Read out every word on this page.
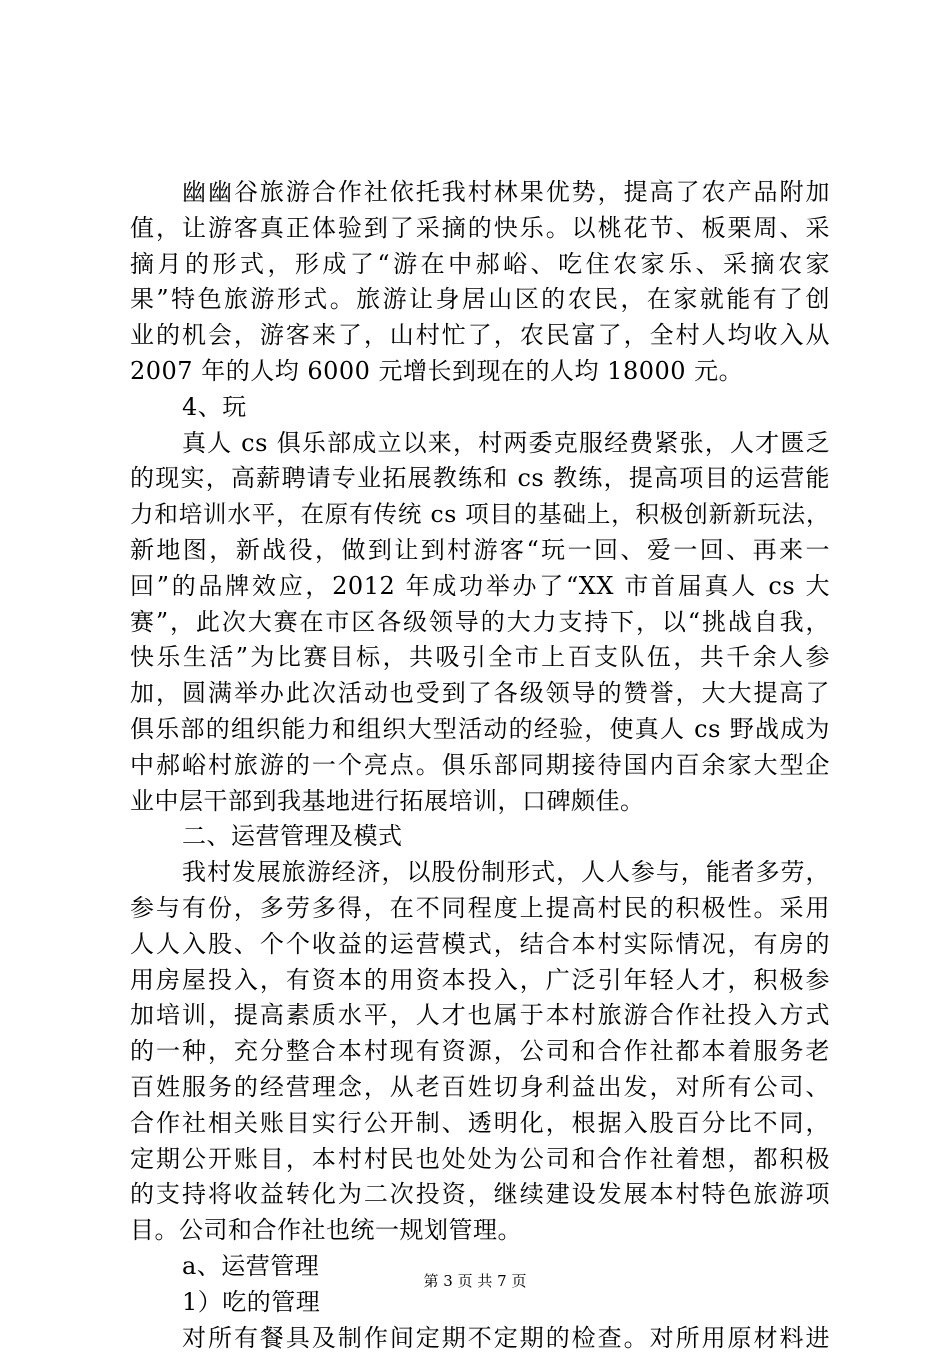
幽幽谷旅游合作社依托我村林果优势，提高了农产品附加
值，让游客真正体验到了采摘的快乐。以桃花节、板栗周、采
摘月的形式，形成了“游在中郝峪、吃住农家乐、采摘农家
果”特色旅游形式。旅游让身居山区的农民，在家就能有了创
业的机会，游客来了，山村忙了，农民富了，全村人均收入从
2007 年的人均 6000 元增长到现在的人均 18000 元。
4、玩
真人 cs 俱乐部成立以来，村两委克服经费紧张，人才匮乏
的现实，高薪聘请专业拓展教练和 cs 教练，提高项目的运营能
力和培训水平，在原有传统 cs 项目的基础上，积极创新新玩法，
新地图，新战役，做到让到村游客“玩一回、爱一回、再来一
回”的品牌效应，2012 年成功举办了“XX 市首届真人 cs 大
赛”，此次大赛在市区各级领导的大力支持下，以“挑战自我，
快乐生活”为比赛目标，共吸引全市上百支队伍，共千余人参
加，圆满举办此次活动也受到了各级领导的赞誉，大大提高了
俱乐部的组织能力和组织大型活动的经验，使真人 cs 野战成为
中郝峪村旅游的一个亮点。俱乐部同期接待国内百余家大型企
业中层干部到我基地进行拓展培训，口碑颇佳。
二、运营管理及模式
我村发展旅游经济，以股份制形式，人人参与，能者多劳，
参与有份，多劳多得，在不同程度上提高村民的积极性。采用
人人入股、个个收益的运营模式，结合本村实际情况，有房的
用房屋投入，有资本的用资本投入，广泛引年轻人才，积极参
加培训，提高素质水平，人才也属于本村旅游合作社投入方式
的一种，充分整合本村现有资源，公司和合作社都本着服务老
百姓服务的经营理念，从老百姓切身利益出发，对所有公司、
合作社相关账目实行公开制、透明化，根据入股百分比不同，
定期公开账目，本村村民也处处为公司和合作社着想，都积极
的支持将收益转化为二次投资，继续建设发展本村特色旅游项
目。公司和合作社也统一规划管理。
a、运营管理
1）吃的管理
对所有餐具及制作间定期不定期的检查。对所用原材料进
第 3 页 共 7 页
